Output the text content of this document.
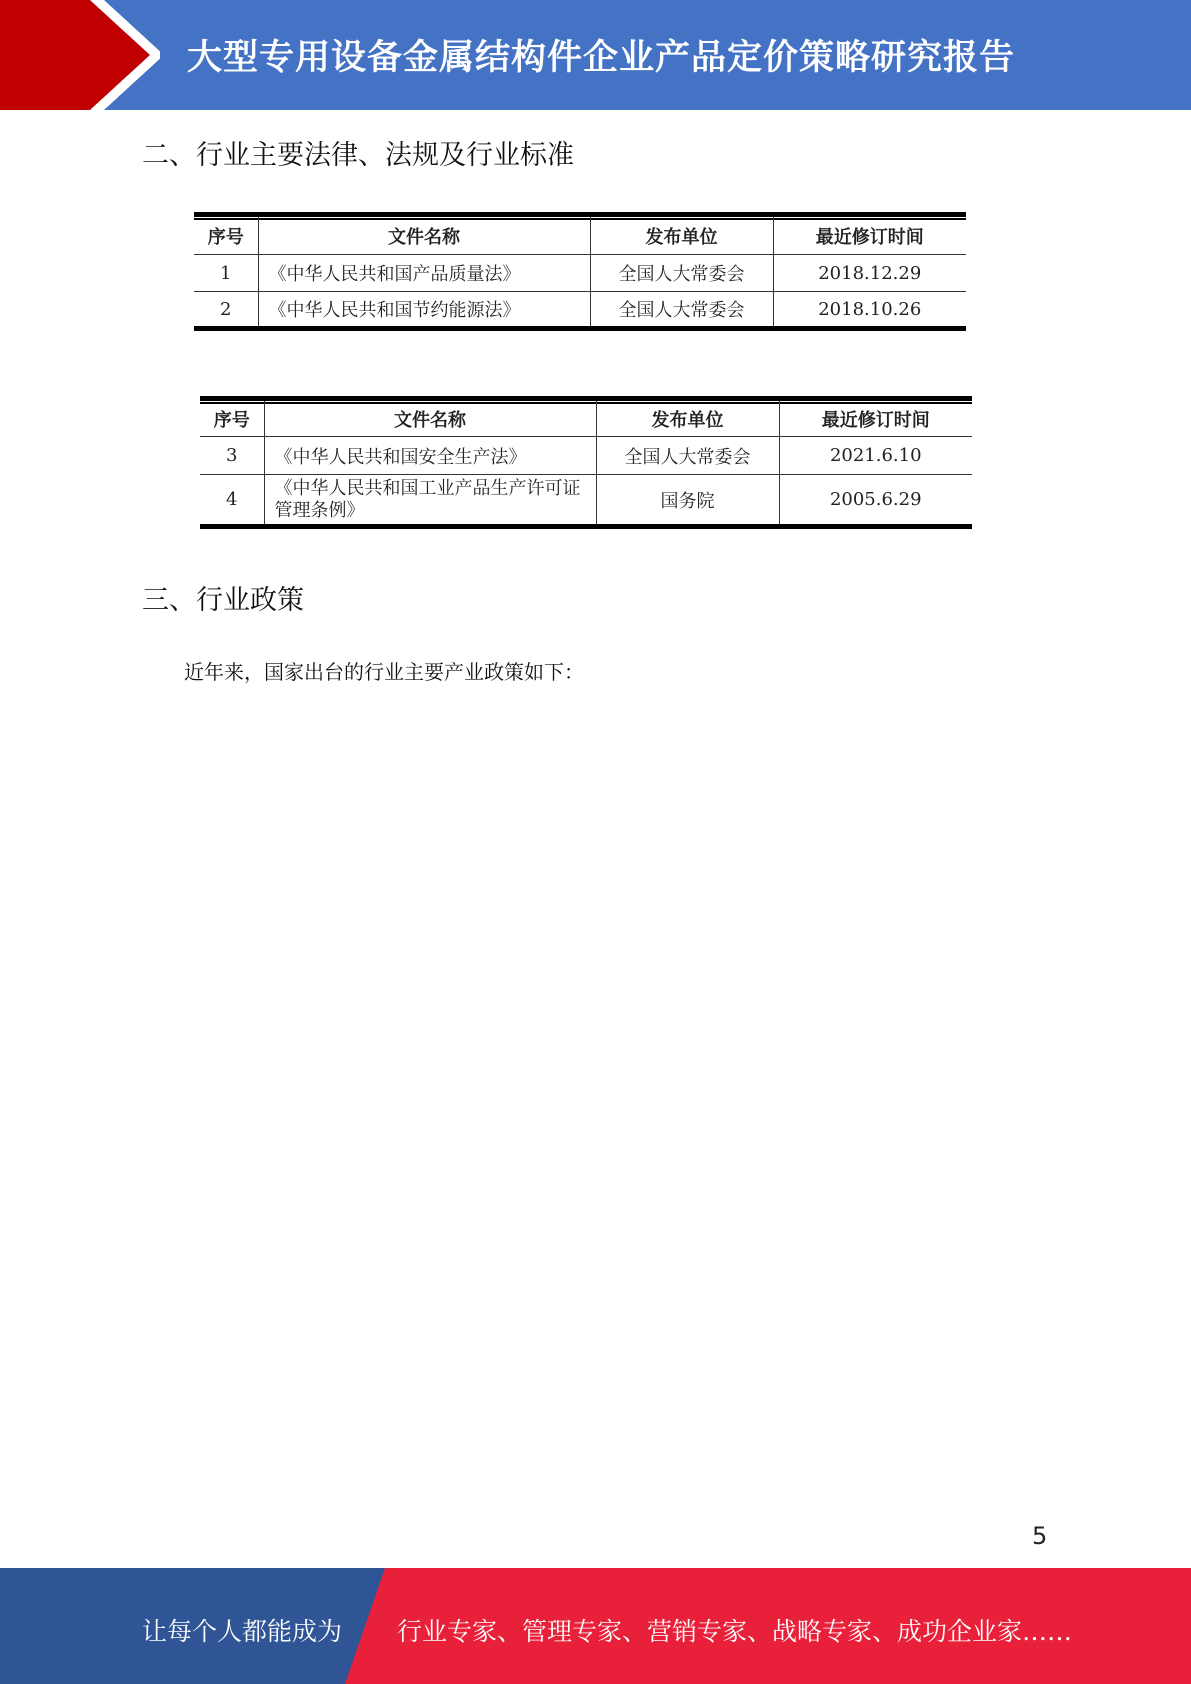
大型专用设备金属结构件企业产品定价策略研究报告
二、行业主要法律、法规及行业标准
序号	文件名称	发布单位	最近修订时间
1	《中华人民共和国产品质量法》	全国人大常委会	2018.12.29
2	《中华人民共和国节约能源法》	全国人大常委会	2018.10.26
序号	文件名称	发布单位	最近修订时间
3	《中华人民共和国安全生产法》	全国人大常委会	2021.6.10
4	《中华人民共和国工业产品生产许可证管理条例》	国务院	2005.6.29
三、行业政策
近年来，国家出台的行业主要产业政策如下：
5
让每个人都能成为 行业专家、管理专家、营销专家、战略专家、成功企业家……
